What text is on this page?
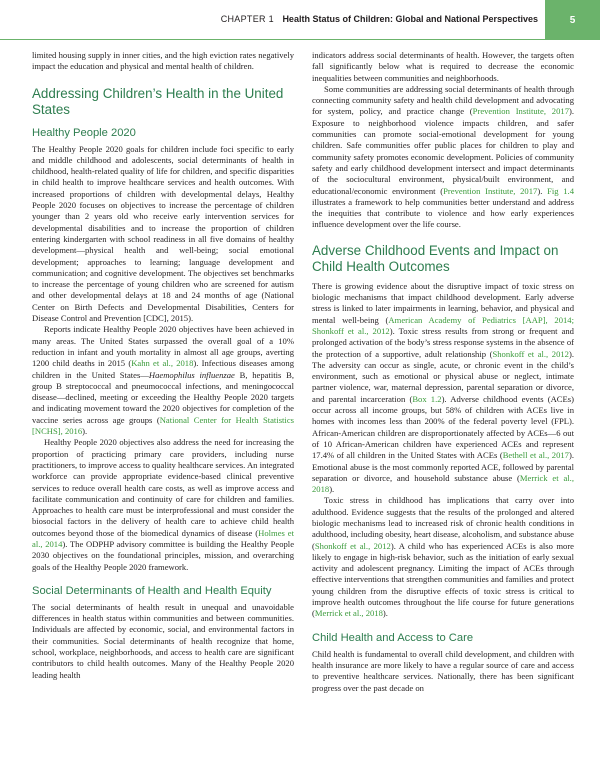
CHAPTER 1 Health Status of Children: Global and National Perspectives	5

limited housing supply in inner cities, and the high eviction rates negatively impact the education and physical and mental health of children.

Addressing Children’s Health in the United States
Healthy People 2020

The Healthy People 2020 goals for children include foci specific to early and middle childhood and adolescents, social determinants of health in childhood, health-related quality of life for children, and specific disparities in child health to improve healthcare services and health outcomes. With increased proportions of children with developmental delays, Healthy People 2020 focuses on objectives to increase the percentage of children younger than 2 years old who receive early intervention services for developmental disabilities and to increase the proportion of children entering kindergarten with school readiness in all five domains of healthy development—physical health and well-being; social emotional development; approaches to learning; language development and communication; and cognitive development. The objectives set benchmarks to increase the percentage of young children who are screened for autism and other developmental delays at 18 and 24 months of age (National Center on Birth Defects and Developmental Disabilities, Centers for Disease Control and Prevention [CDC], 2015).

Reports indicate Healthy People 2020 objectives have been achieved in many areas. The United States surpassed the overall goal of a 10% reduction in infant and youth mortality in almost all age groups, averting 1200 child deaths in 2015 (Kahn et al., 2018). Infectious diseases among children in the United States—Haemophilus influenzae B, hepatitis B, group B streptococcal and pneumococcal infections, and meningococcal disease—declined, meeting or exceeding the Healthy People 2020 targets and indicating movement toward the 2020 objectives for completion of the vaccine series across age groups (National Center for Health Statistics [NCHS], 2016).

Healthy People 2020 objectives also address the need for increasing the proportion of practicing primary care providers, including nurse practitioners, to improve access to quality healthcare services. An integrated workforce can provide appropriate evidence-based clinical preventive services to reduce overall health care costs, as well as improve access and facilitate communication and continuity of care for children and families. Approaches to health care must be interprofessional and must consider the biosocial factors in the delivery of health care to achieve child health outcomes beyond those of the biomedical dynamics of disease (Holmes et al., 2014). The ODPHP advisory committee is building the Healthy People 2030 objectives on the foundational principles, mission, and overarching goals of the Healthy People 2020 framework.

Social Determinants of Health and Health Equity

The social determinants of health result in unequal and unavoidable differences in health status within communities and between communities. Individuals are affected by economic, social, and environmental factors in their communities. Social determinants of health recognize that home, school, workplace, neighborhoods, and access to health care are significant contributors to child health outcomes. Many of the Healthy People 2020 leading health

indicators address social determinants of health. However, the targets often fall significantly below what is required to decrease the economic inequalities between communities and neighborhoods.

Some communities are addressing social determinants of health through connecting community safety and health child development and advocating for system, policy, and practice change (Prevention Institute, 2017). Exposure to neighborhood violence impacts children, and safer communities can promote social-emotional development for young children. Safe communities offer public places for children to play and community safety promotes economic development. Policies of community safety and early childhood development intersect and impact determinants of the sociocultural environment, physical/built environment, and educational/economic environment (Prevention Institute, 2017). Fig 1.4 illustrates a framework to help communities better understand and address the inequities that contribute to violence and how early experiences influence development over the life course.

Adverse Childhood Events and Impact on Child Health Outcomes

There is growing evidence about the disruptive impact of toxic stress on biologic mechanisms that impact childhood development. Early adverse stress is linked to later impairments in learning, behavior, and physical and mental well-being (American Academy of Pediatrics [AAP], 2014; Shonkoff et al., 2012). Toxic stress results from strong or frequent and prolonged activation of the body’s stress response systems in the absence of the protection of a supportive, adult relationship (Shonkoff et al., 2012). The adversity can occur as single, acute, or chronic event in the child’s environment, such as emotional or physical abuse or neglect, intimate partner violence, war, maternal depression, parental separation or divorce, and parental incarceration (Box 1.2). Adverse childhood events (ACEs) occur across all income groups, but 58% of children with ACEs live in homes with incomes less than 200% of the federal poverty level (FPL). African-American children are disproportionately affected by ACEs—6 out of 10 African-American children have experienced ACEs and represent 17.4% of all children in the United States with ACEs (Bethell et al., 2017). Emotional abuse is the most commonly reported ACE, followed by parental separation or divorce, and household substance abuse (Merrick et al., 2018).

Toxic stress in childhood has implications that carry over into adulthood. Evidence suggests that the results of the prolonged and altered biologic mechanisms lead to increased risk of chronic health conditions in adulthood, including obesity, heart disease, alcoholism, and substance abuse (Shonkoff et al., 2012). A child who has experienced ACEs is also more likely to engage in high-risk behavior, such as the initiation of early sexual activity and adolescent pregnancy. Limiting the impact of ACEs through effective interventions that strengthen communities and families and protect young children from the disruptive effects of toxic stress is critical to improve health outcomes throughout the life course for future generations (Merrick et al., 2018).

Child Health and Access to Care

Child health is fundamental to overall child development, and children with health insurance are more likely to have a regular source of care and access to preventive healthcare services. Nationally, there has been significant progress over the past decade on
